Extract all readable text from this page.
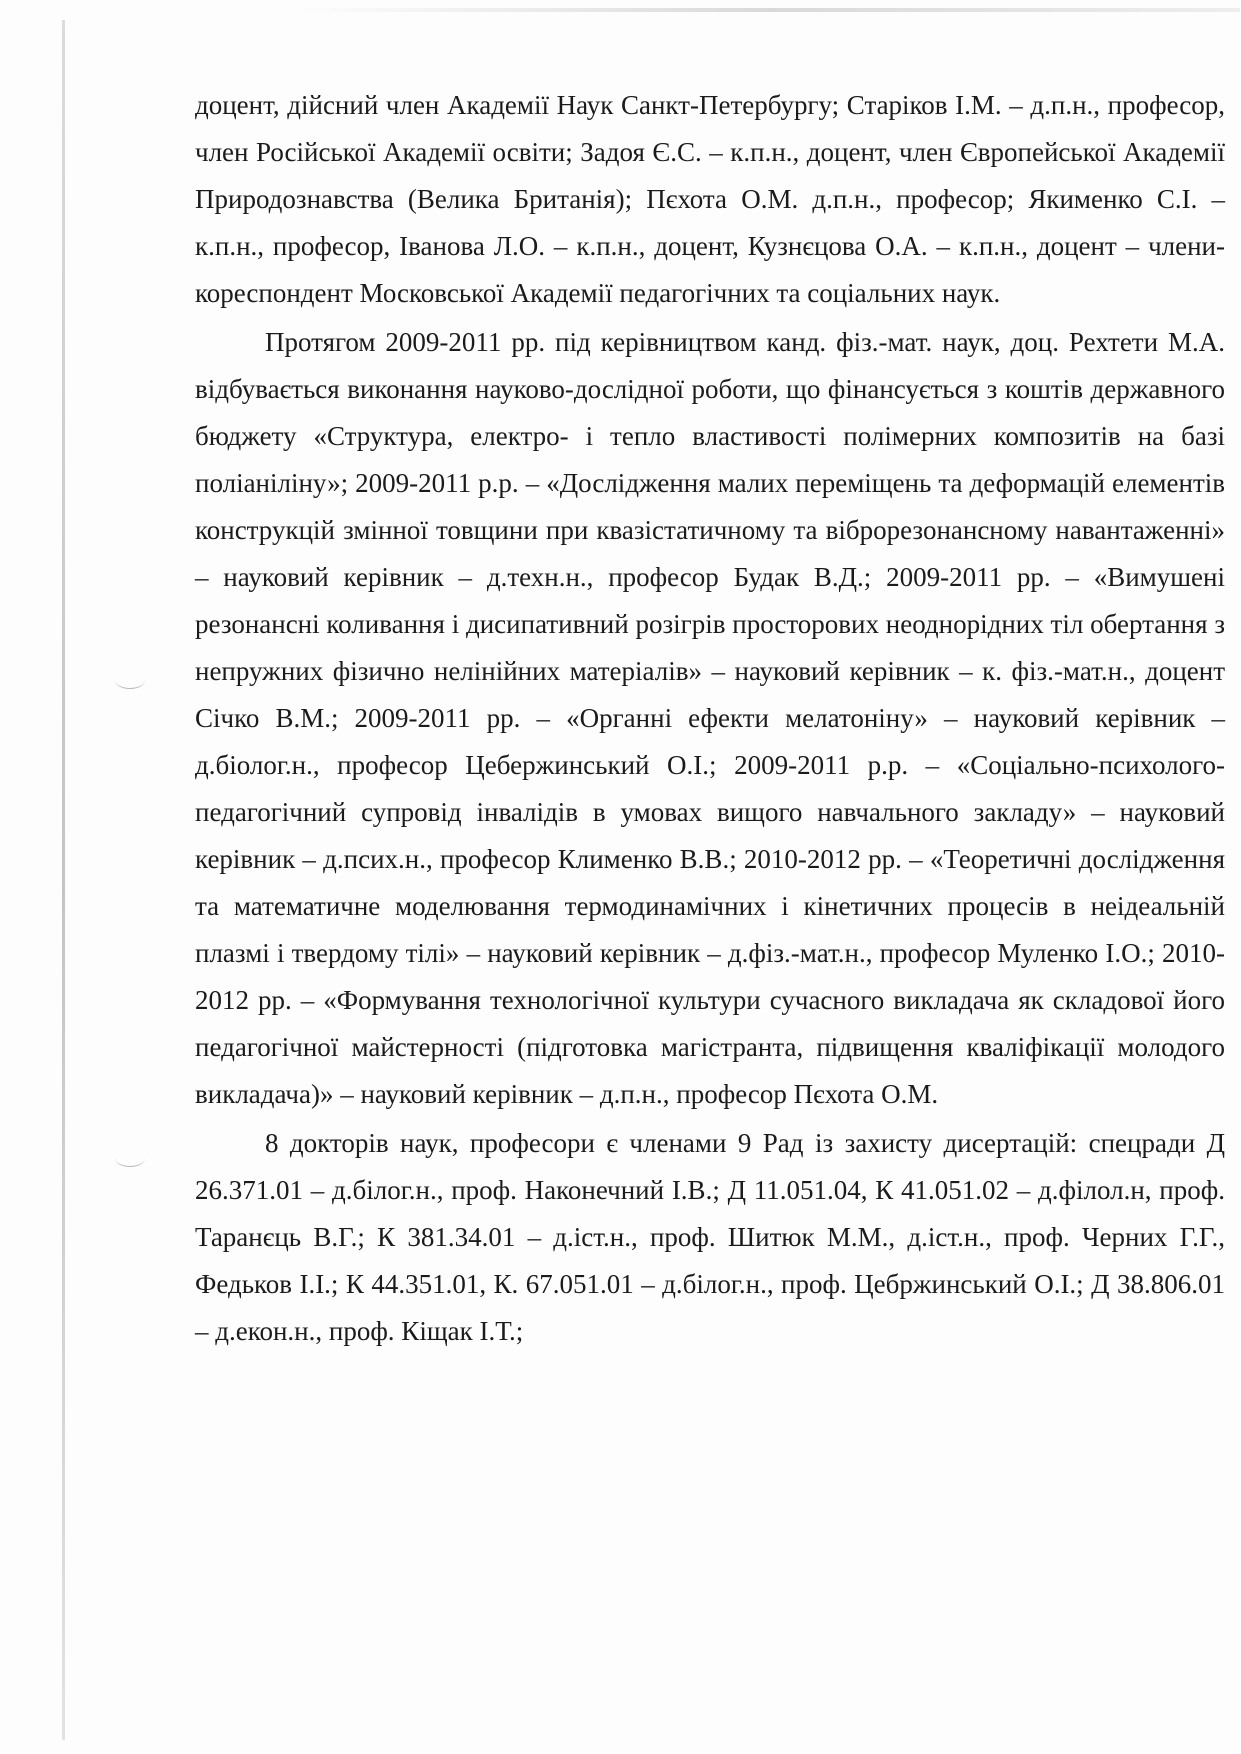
доцент, дійсний член Академії Наук Санкт-Петербургу; Старіков І.М. – д.п.н., професор, член Російської Академії освіти; Задоя Є.С. – к.п.н., доцент, член Європейської Академії Природознавства (Велика Британія); Пєхота О.М. д.п.н., професор; Якименко С.І. – к.п.н., професор, Іванова Л.О. – к.п.н., доцент, Кузнєцова О.А. – к.п.н., доцент – члени-кореспондент Московської Академії педагогічних та соціальних наук.

Протягом 2009-2011 рр. під керівництвом канд. фіз.-мат. наук, доц. Рехтети М.А. відбувається виконання науково-дослідної роботи, що фінансується з коштів державного бюджету «Структура, електро- і тепло властивості полімерних композитів на базі поліаніліну»; 2009-2011 р.р. – «Дослідження малих переміщень та деформацій елементів конструкцій змінної товщини при квазістатичному та віброрезонансному навантаженні» – науковий керівник – д.техн.н., професор Будак В.Д.; 2009-2011 рр. – «Вимушені резонансні коливання і дисипативний розігрів просторових неоднорідних тіл обертання з непружних фізично нелінійних матеріалів» – науковий керівник – к. фіз.-мат.н., доцент Січко В.М.; 2009-2011 рр. – «Органні ефекти мелатоніну» – науковий керівник – д.біолог.н., професор Цебержинський О.І.; 2009-2011 р.р. – «Соціально-психолого-педагогічний супровід інвалідів в умовах вищого навчального закладу» – науковий керівник – д.псих.н., професор Клименко В.В.; 2010-2012 рр. – «Теоретичні дослідження та математичне моделювання термодинамічних і кінетичних процесів в неідеальній плазмі і твердому тілі» – науковий керівник – д.фіз.-мат.н., професор Муленко І.О.; 2010-2012 рр. – «Формування технологічної культури сучасного викладача як складової його педагогічної майстерності (підготовка магістранта, підвищення кваліфікації молодого викладача)» – науковий керівник – д.п.н., професор Пєхота О.М.

8 докторів наук, професори є членами 9 Рад із захисту дисертацій: спецради Д 26.371.01 – д.білог.н., проф. Наконечний І.В.; Д 11.051.04, К 41.051.02 – д.філол.н, проф. Таранєць В.Г.; К 381.34.01 – д.іст.н., проф. Шитюк М.М., д.іст.н., проф. Черних Г.Г., Федьков І.І.; К 44.351.01, К. 67.051.01 – д.білог.н., проф. Цебржинський О.І.; Д 38.806.01 – д.екон.н., проф. Кіщак І.Т.;
